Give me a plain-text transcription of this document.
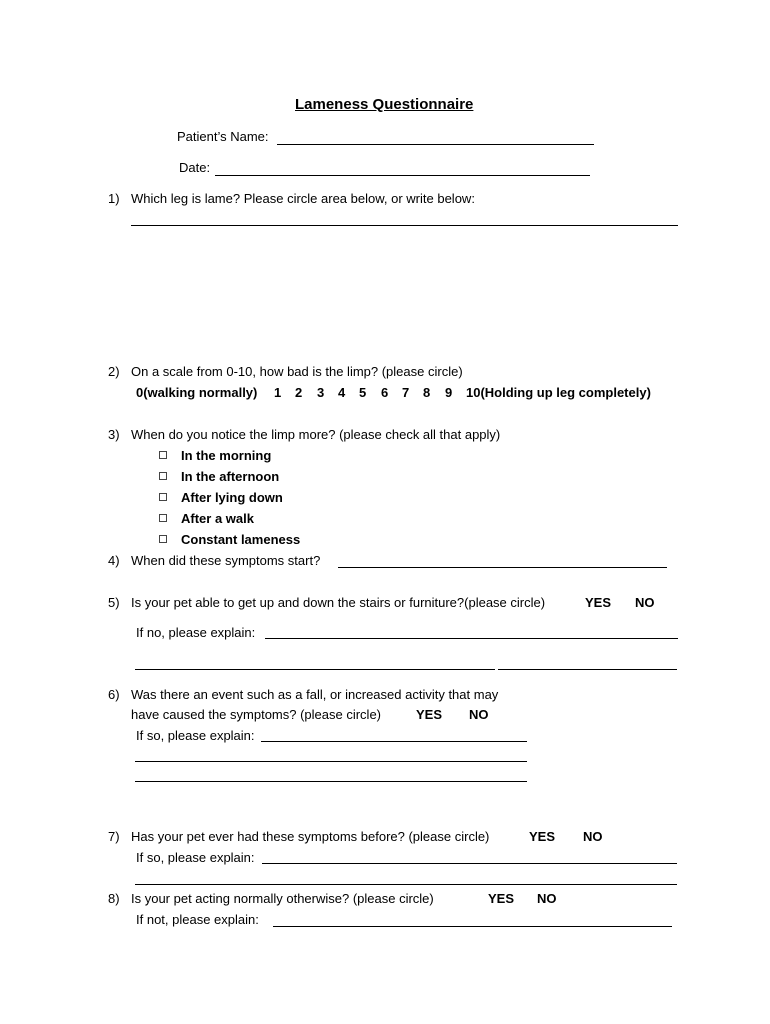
Lameness Questionnaire
Patient’s Name:
Date:
1) Which leg is lame? Please circle area below, or write below:
2) On a scale from 0-10, how bad is the limp? (please circle)
0(walking normally) 1 2 3 4 5 6 7 8 9 10(Holding up leg completely)
3) When do you notice the limp more? (please check all that apply)
In the morning
In the afternoon
After lying down
After a walk
Constant lameness
4) When did these symptoms start?
5) Is your pet able to get up and down the stairs or furniture?(please circle)	YES NO
If no, please explain:
6) Was there an event such as a fall, or increased activity that may
have caused the symptoms? (please circle)	YES NO
If so, please explain:
7) Has your pet ever had these symptoms before? (please circle)	YES NO
If so, please explain:
8) Is your pet acting normally otherwise? (please circle)	YES NO
If not, please explain:
